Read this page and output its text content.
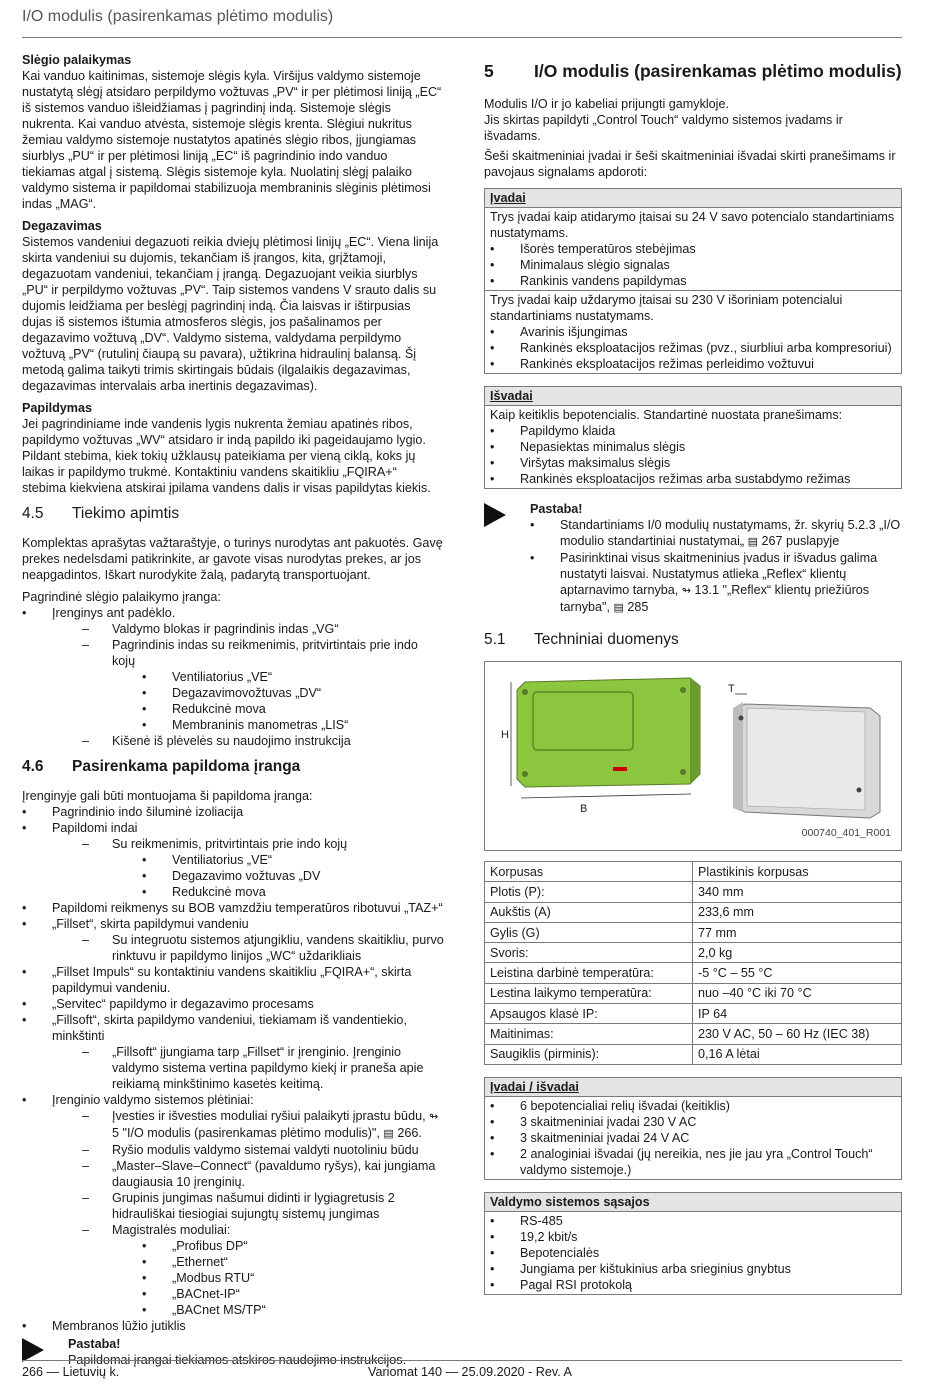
I/O modulis (pasirenkamas plėtimo modulis)
Slėgio palaikymas

Kai vanduo kaitinimas, sistemoje slėgis kyla. Viršijus valdymo sistemoje nustatytą slėgį atsidaro perpildymo vožtuvas „PV“ ir per plėtimosi liniją „EC“ iš sistemos vanduo išleidžiamas į pagrindinį indą. Sistemoje slėgis nukrenta. Kai vanduo atvėsta, sistemoje slėgis krenta. Slėgiui nukritus žemiau valdymo sistemoje nustatytos apatinės slėgio ribos, įjungiamas siurblys „PU“ ir per plėtimosi liniją „EC“ iš pagrindinio indo vanduo tiekiamas atgal į sistemą. Slėgis sistemoje kyla. Nuolatinį slėgį palaiko valdymo sistema ir papildomai stabilizuoja membraninis slėginis plėtimosi indas „MAG“.

Degazavimas

Sistemos vandeniui degazuoti reikia dviejų plėtimosi linijų „EC“. Viena linija skirta vandeniui su dujomis, tekančiam iš įrangos, kita, grįžtamoji, degazuotam vandeniui, tekančiam į įrangą. Degazuojant veikia siurblys „PU“ ir perpildymo vožtuvas „PV“. Taip sistemos vandens V srauto dalis su dujomis leidžiama per beslėgį pagrindinį indą. Čia laisvas ir ištirpusias dujas iš sistemos ištumia atmosferos slėgis, jos pašalinamos per degazavimo vožtuvą „DV“. Valdymo sistema, valdydama perpildymo vožtuvą „PV“ (rutulinį čiaupą su pavara), užtikrina hidraulinį balansą. Šį metodą galima taikyti trimis skirtingais būdais (ilgalaikis degazavimas, degazavimas intervalais arba inertinis degazavimas).

Papildymas

Jei pagrindiniame inde vandenis lygis nukrenta žemiau apatinės ribos, papildymo vožtuvas „WV“ atsidaro ir indą papildo iki pageidaujamo lygio. Pildant stebima, kiek tokių užklausų pateikiama per vieną ciklą, koks jų laikas ir papildymo trukmė. Kontaktiniu vandens skaitikliu „FQIRA+“ stebima kiekviena atskirai įpilama vandens dalis ir visas papildytas kiekis.

4.5	Tiekimo apimtis

Komplektas aprašytas važtaraštyje, o turinys nurodytas ant pakuotės. Gavę prekes nedelsdami patikrinkite, ar gavote visas nurodytas prekes, ar jos neapgadintos. Iškart nurodykite žalą, padarytą transportuojant.

Pagrindinė slėgio palaikymo įranga:

• Įrenginys ant padėklo.
– Valdymo blokas ir pagrindinis indas „VG“
– Pagrindinis indas su reikmenimis, pritvirtintais prie indo kojų
• Ventiliatorius „VE“
• Degazavimovožtuvas „DV“
• Redukcinė mova
• Membraninis manometras „LIS“
– Kišenė iš plėvelės su naudojimo instrukcija
4.6	Pasirenkama papildoma įranga

Įrenginyje gali būti montuojama ši papildoma įranga:

• Pagrindinio indo šiluminė izoliacija
• Papildomi indai
– Su reikmenimis, pritvirtintais prie indo kojų
• Ventiliatorius „VE“
• Degazavimo vožtuvas „DV
• Redukcinė mova
• Papildomi reikmenys su BOB vamzdžiu temperatūros ribotuvui „TAZ+“
• „Fillset“, skirta papildymui vandeniu
– Su integruotu sistemos atjungikliu, vandens skaitikliu, purvo rinktuvu ir papildymo linijos „WC“ uždarikliais
• „Fillset Impuls“ su kontaktiniu vandens skaitikliu „FQIRA+“, skirta papildymui vandeniu.
• „Servitec“ papildymo ir degazavimo procesams
• „Fillsoft“, skirta papildymo vandeniui, tiekiamam iš vandentiekio, minkštinti
– „Fillsoft“ įjungiama tarp „Fillset“ ir įrenginio. Įrenginio valdymo sistema vertina papildymo kiekį ir praneša apie reikiamą minkštinimo kasetės keitimą.
• Įrenginio valdymo sistemos plėtiniai:
– Įvesties ir išvesties moduliai ryšiui palaikyti įprastu būdu, ↬ 5 "I/O modulis (pasirenkamas plėtimo modulis)", ▤ 266.
– Ryšio modulis valdymo sistemai valdyti nuotoliniu būdu
– „Master–Slave–Connect“ (pavaldumo ryšys), kai jungiama daugiausia 10 įrenginių.
– Grupinis jungimas našumui didinti ir lygiagretusis 2 hidrauliškai tiesiogiai sujungtų sistemų jungimas
– Magistralės moduliai:
• „Profibus DP“
• „Ethernet“
• „Modbus RTU“
• „BACnet-IP“
• „BACnet MS/TP“
• Membranos lūžio jutiklis
Pastaba!
Papildomai įrangai tiekiamos atskiros naudojimo instrukcijos.
5	I/O modulis (pasirenkamas plėtimo modulis)

Modulis I/O ir jo kabeliai prijungti gamykloje.

Jis skirtas papildyti „Control Touch“ valdymo sistemos įvadams ir išvadams.

Šeši skaitmeniniai įvadai ir šeši skaitmeniniai išvadai skirti pranešimams ir pavojaus signalams apdoroti:

Įvadai
Trys įvadai kaip atidarymo įtaisai su 24 V savo potencialo standartiniams nustatymams.
• Išorės temperatūros stebėjimas
• Minimalaus slėgio signalas
• Rankinis vandens papildymas
Trys įvadai kaip uždarymo įtaisai su 230 V išoriniam potencialui standartiniams nustatymams.
• Avarinis išjungimas
• Rankinės eksploatacijos režimas (pvz., siurbliui arba kompresoriui)
• Rankinės eksploatacijos režimas perleidimo vožtuvui
Išvadai
Kaip keitiklis bepotencialis. Standartinė nuostata pranešimams:
• Papildymo klaida
• Nepasiektas minimalus slėgis
• Viršytas maksimalus slėgis
• Rankinės eksploatacijos režimas arba sustabdymo režimas
Pastaba!
• Standartiniams I/0 modulių nustatymams, žr. skyrių 5.2.3 „I/O modulio standartiniai nustatymai„ ▤ 267 puslapyje
• Pasirinktinai visus skaitmeninius įvadus ir išvadus galima nustatyti laisvai. Nustatymus atlieka „Reflex“ klientų aptarnavimo tarnyba, ↬ 13.1 "„Reflex“ klientų priežiūros tarnyba", ▤ 285
5.1	Techniniai duomenys
H
B
T
000740_401_R001
Korpusas	Plastikinis korpusas
Plotis (P):	340 mm
Aukštis (A)	233,6 mm
Gylis (G)	77 mm
Svoris:	2,0 kg
Leistina darbinė temperatūra:	-5 °C – 55 °C
Lestina laikymo temperatūra:	nuo –40 °C iki 70 °C
Apsaugos klasė IP:	IP 64
Maitinimas:	230 V AC, 50 – 60 Hz (IEC 38)
Saugiklis (pirminis):	0,16 A lėtai
Įvadai / išvadai
• 6 bepotencialiai relių išvadai (keitiklis)
• 3 skaitmeniniai įvadai 230 V AC
• 3 skaitmeniniai įvadai 24 V AC
• 2 analoginiai išvadai (jų nereikia, nes jie jau yra „Control Touch“ valdymo sistemoje.)
Valdymo sistemos sąsajos
• RS-485
• 19,2 kbit/s
• Bepotencialės
• Jungiama per kištukinius arba srieginius gnybtus
• Pagal RSI protokolą
266 — Lietuvių k.	Variomat 140 — 25.09.2020 - Rev. A
